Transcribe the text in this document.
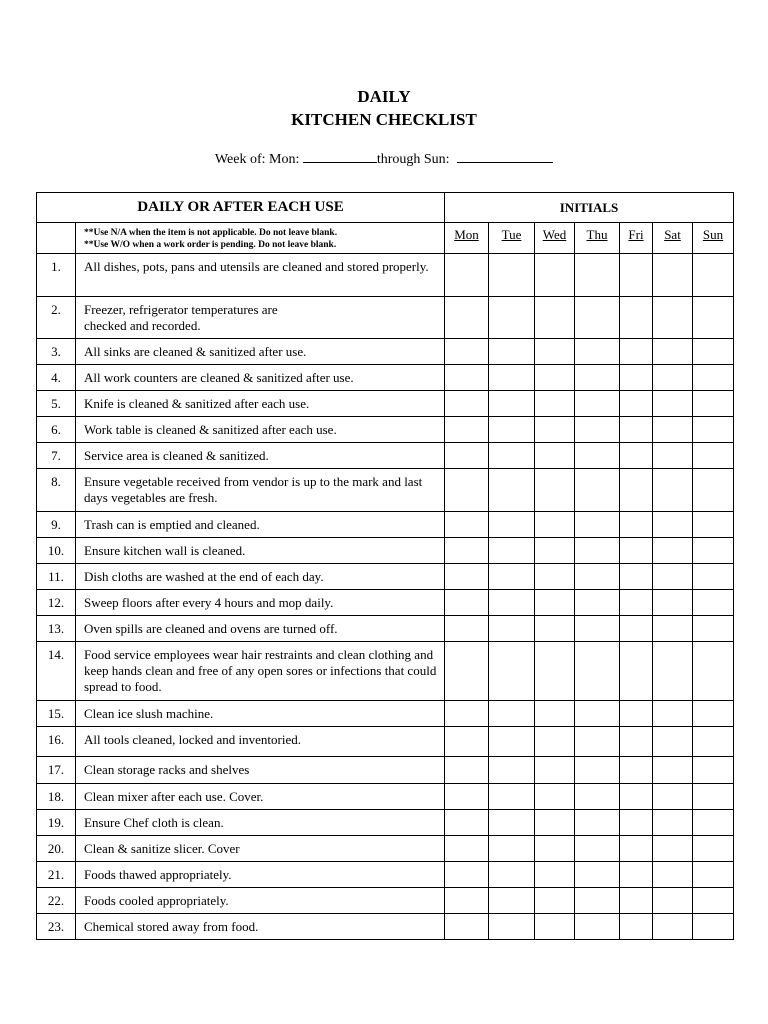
DAILY
KITCHEN CHECKLIST
Week of: Mon:	through Sun:
DAILY OR AFTER EACH USE		INITIALS						

	**Use N/A when the item is not applicable. Do not leave blank.
**Use W/O when a work order is pending. Do not leave blank.	Mon	Tue	Wed	Thu	Fri	Sat	Sun
1.	All dishes, pots, pans and utensils are cleaned and stored properly.							
2.	Freezer, refrigerator temperatures are
checked and recorded.							
3.	All sinks are cleaned & sanitized after use.							
4.	All work counters are cleaned & sanitized after use.							
5.	Knife is cleaned & sanitized after each use.							
6.	Work table is cleaned & sanitized after each use.							
7.	Service area is cleaned & sanitized.							
8.	Ensure vegetable received from vendor is up to the mark and last days vegetables are fresh.							
9.	Trash can is emptied and cleaned.							
10.	Ensure kitchen wall is cleaned.							
11.	Dish cloths are washed at the end of each day.							
12.	Sweep floors after every 4 hours and mop daily.							
13.	Oven spills are cleaned and ovens are turned off.							
14.	Food service employees wear hair restraints and clean clothing and keep hands clean and free of any open sores or infections that could spread to food.							
15.	Clean ice slush machine.							
16.	All tools cleaned, locked and inventoried.							
17.	Clean storage racks and shelves							
18.	Clean mixer after each use. Cover.							
19.	Ensure Chef cloth is clean.							
20.	Clean & sanitize slicer. Cover							
21.	Foods thawed appropriately.							
22.	Foods cooled appropriately.							
23.	Chemical stored away from food.							
